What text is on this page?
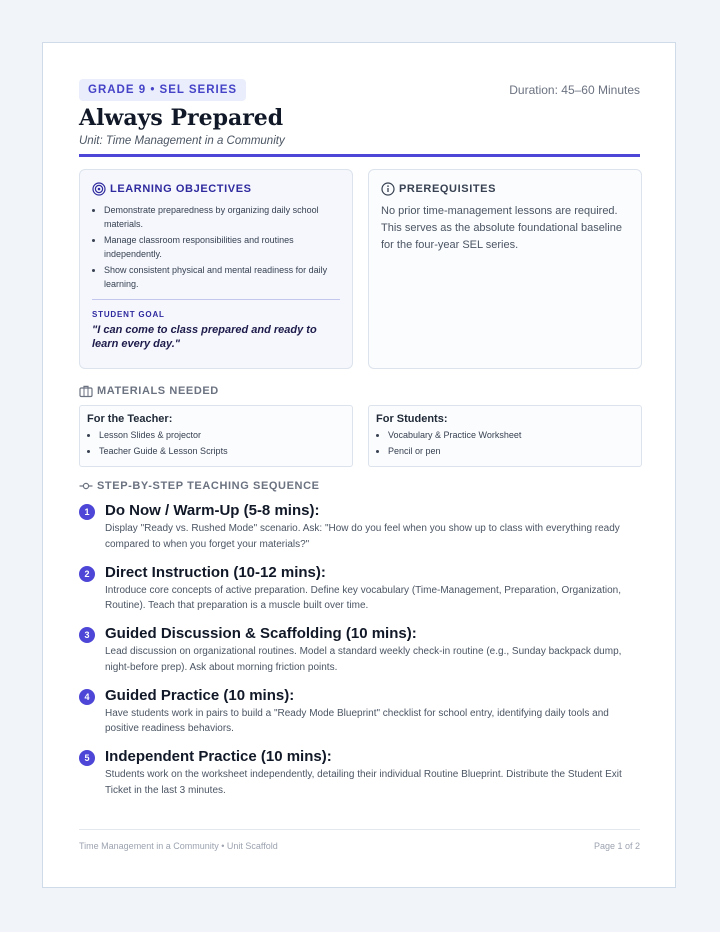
GRADE 9 • SEL SERIES	Duration: 45–60 Minutes
Always Prepared
Unit: Time Management in a Community
LEARNING OBJECTIVES
• Demonstrate preparedness by organizing daily school materials.
• Manage classroom responsibilities and routines independently.
• Show consistent physical and mental readiness for daily learning.
STUDENT GOAL
"I can come to class prepared and ready to learn every day."
PREREQUISITES
No prior time-management lessons are required. This serves as the absolute foundational baseline for the four-year SEL series.
MATERIALS NEEDED
For the Teacher:
• Lesson Slides & projector
• Teacher Guide & Lesson Scripts
For Students:
• Vocabulary & Practice Worksheet
• Pencil or pen
STEP-BY-STEP TEACHING SEQUENCE
1	Do Now / Warm-Up (5-8 mins):
Display "Ready vs. Rushed Mode" scenario. Ask: "How do you feel when you show up to class with everything ready compared to when you forget your materials?"
2	Direct Instruction (10-12 mins):
Introduce core concepts of active preparation. Define key vocabulary (Time-Management, Preparation, Organization, Routine). Teach that preparation is a muscle built over time.
3	Guided Discussion & Scaffolding (10 mins):
Lead discussion on organizational routines. Model a standard weekly check-in routine (e.g., Sunday backpack dump, night-before prep). Ask about morning friction points.
4	Guided Practice (10 mins):
Have students work in pairs to build a "Ready Mode Blueprint" checklist for school entry, identifying daily tools and positive readiness behaviors.
5	Independent Practice (10 mins):
Students work on the worksheet independently, detailing their individual Routine Blueprint. Distribute the Student Exit Ticket in the last 3 minutes.
Time Management in a Community • Unit Scaffold	Page 1 of 2
